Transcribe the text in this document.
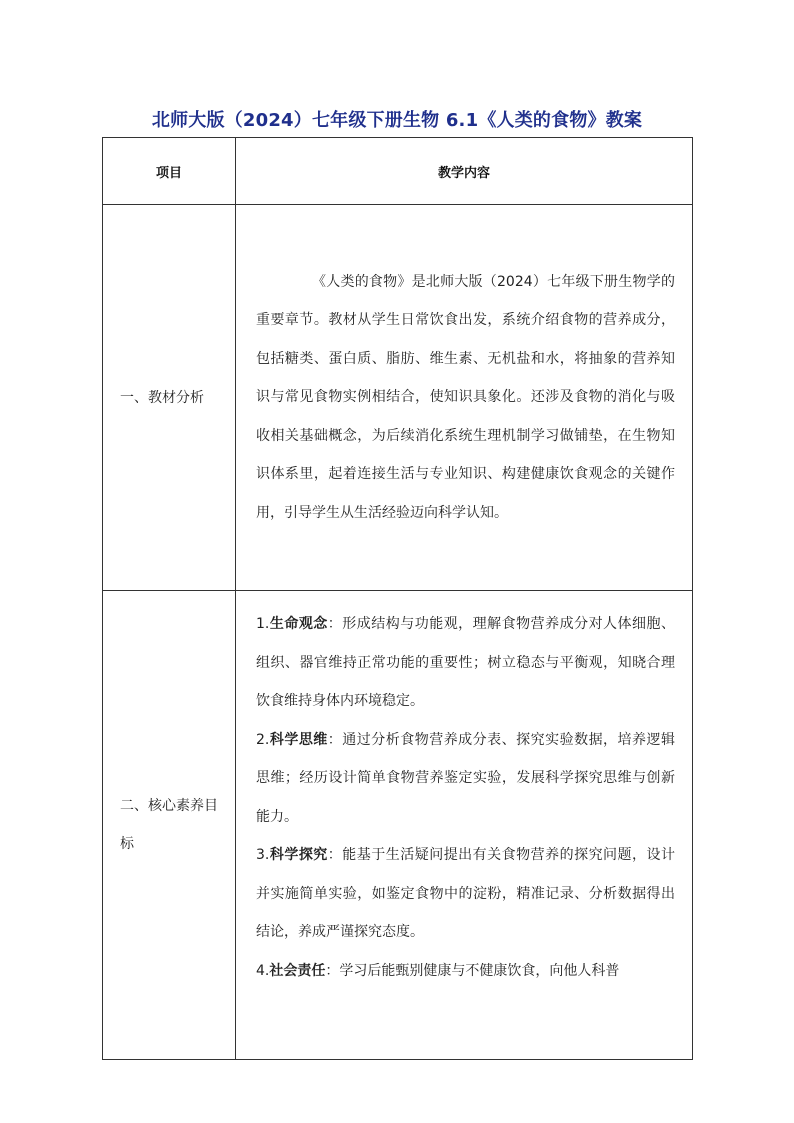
北师大版（2024）七年级下册生物 6.1《人类的食物》教案
项目	教学内容
一、教材分析	《人类的食物》是北师大版（2024）七年级下册生物学的重要章节。教材从学生日常饮食出发，系统介绍食物的营养成分，包括糖类、蛋白质、脂肪、维生素、无机盐和水，将抽象的营养知识与常见食物实例相结合，使知识具象化。还涉及食物的消化与吸收相关基础概念，为后续消化系统生理机制学习做铺垫，在生物知识体系里，起着连接生活与专业知识、构建健康饮食观念的关键作用，引导学生从生活经验迈向科学认知。

二、核心素养目标	1.生命观念：形成结构与功能观，理解食物营养成分对人体细胞、组织、器官维持正常功能的重要性；树立稳态与平衡观，知晓合理饮食维持身体内环境稳定。

2.科学思维：通过分析食物营养成分表、探究实验数据，培养逻辑思维；经历设计简单食物营养鉴定实验，发展科学探究思维与创新能力。

3.科学探究：能基于生活疑问提出有关食物营养的探究问题，设计并实施简单实验，如鉴定食物中的淀粉，精准记录、分析数据得出结论，养成严谨探究态度。

4.社会责任：学习后能甄别健康与不健康饮食，向他人科普
